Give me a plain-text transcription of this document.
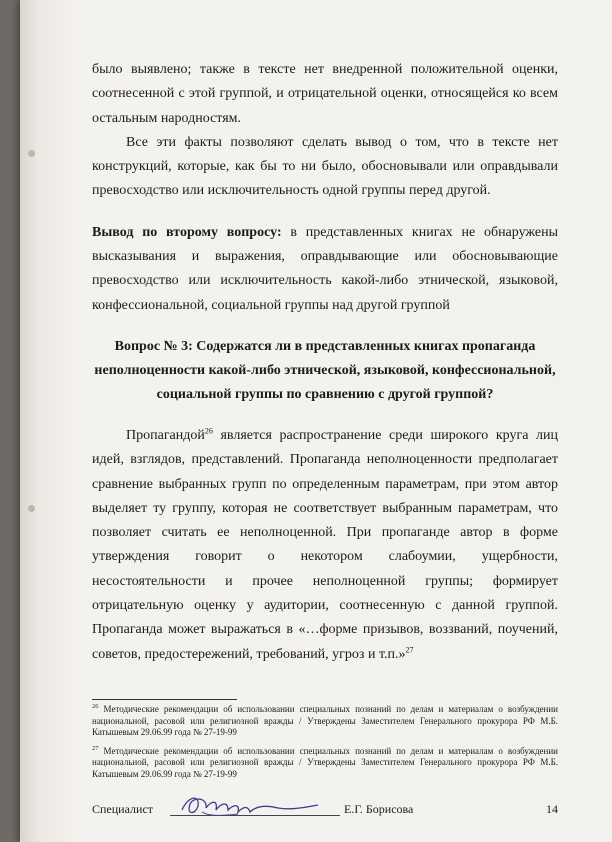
было выявлено; также в тексте нет внедренной положительной оценки, соотнесенной с этой группой, и отрицательной оценки, относящейся ко всем остальным народностям.

Все эти факты позволяют сделать вывод о том, что в тексте нет конструкций, которые, как бы то ни было, обосновывали или оправдывали превосходство или исключительность одной группы перед другой.

Вывод по второму вопросу: в представленных книгах не обнаружены высказывания и выражения, оправдывающие или обосновывающие превосходство или исключительность какой-либо этнической, языковой, конфессиональной, социальной группы над другой группой

Вопрос № 3: Содержатся ли в представленных книгах пропаганда неполноценности какой-либо этнической, языковой, конфессиональной, социальной группы по сравнению с другой группой?

Пропагандой$^{26}$ является распространение среди широкого круга лиц идей, взглядов, представлений. Пропаганда неполноценности предполагает сравнение выбранных групп по определенным параметрам, при этом автор выделяет ту группу, которая не соответствует выбранным параметрам, что позволяет считать ее неполноценной. При пропаганде автор в форме утверждения говорит о некотором слабоумии, ущербности, несостоятельности и прочее неполноценной группы; формирует отрицательную оценку у аудитории, соотнесенную с данной группой. Пропаганда может выражаться в «…форме призывов, воззваний, поучений, советов, предостережений, требований, угроз и т.п.»$^{27}$

$^{26}$ Методические рекомендации об использовании специальных познаний по делам и материалам о возбуждении национальной, расовой или религиозной вражды / Утверждены Заместителем Генерального прокурора РФ М.Б. Катышевым 29.06.99 года № 27-19-99

$^{27}$ Методические рекомендации об использовании специальных познаний по делам и материалам о возбуждении национальной, расовой или религиозной вражды / Утверждены Заместителем Генерального прокурора РФ М.Б. Катышевым 29.06.99 года № 27-19-99

Специалист	Е.Г. Борисова	14
